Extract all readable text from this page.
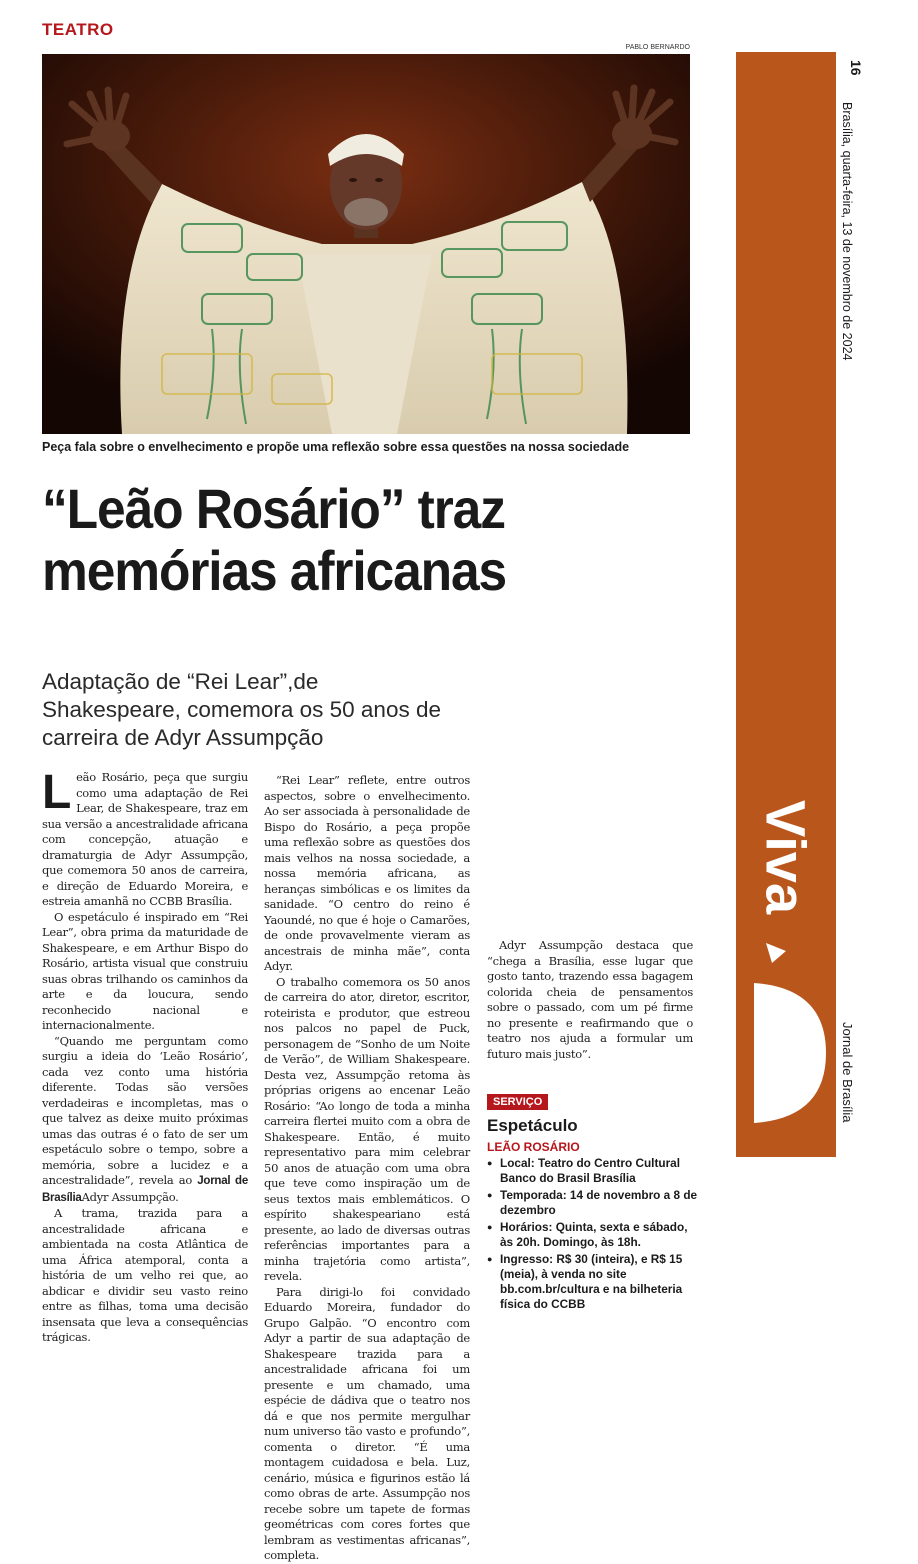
TEATRO
PABLO BERNARDO
Peça fala sobre o envelhecimento e propõe uma reflexão sobre essa questões na nossa sociedade
“Leão Rosário” traz
memórias africanas
Adaptação de “Rei Lear”,de Shakespeare, comemora os 50 anos de carreira de Adyr Assumpção

Leão Rosário, peça que surgiu como uma adaptação de Rei Lear, de Shakespeare, traz em sua versão a ancestralidade africana com concepção, atuação e dramaturgia de Adyr Assumpção, que comemora 50 anos de carreira, e direção de Eduardo Moreira, e estreia amanhã no CCBB Brasília.

O espetáculo é inspirado em “Rei Lear”, obra prima da maturidade de Shakespeare, e em Arthur Bispo do Rosário, artista visual que construiu suas obras trilhando os caminhos da arte e da loucura, sendo reconhecido nacional e internacionalmente.

“Quando me perguntam como surgiu a ideia do ‘Leão Rosário’, cada vez conto uma história diferente. Todas são versões verdadeiras e incompletas, mas o que talvez as deixe muito próximas umas das outras é o fato de ser um espetáculo sobre o tempo, sobre a memória, sobre a lucidez e a ancestralidade”, revela ao Jornal de BrasíliaAdyr Assumpção.

A trama, trazida para a ancestralidade africana e ambientada na costa Atlântica de uma África atemporal, conta a história de um velho rei que, ao abdicar e dividir seu vasto reino entre as filhas, toma uma decisão insensata que leva a consequências trágicas.

“Rei Lear” reflete, entre outros aspectos, sobre o envelhecimento. Ao ser associada à personalidade de Bispo do Rosário, a peça propõe uma reflexão sobre as questões dos mais velhos na nossa sociedade, a nossa memória africana, as heranças simbólicas e os limites da sanidade. “O centro do reino é Yaoundé, no que é hoje o Camarões, de onde provavelmente vieram as ancestrais de minha mãe”, conta Adyr.

O trabalho comemora os 50 anos de carreira do ator, diretor, escritor, roteirista e produtor, que estreou nos palcos no papel de Puck, personagem de “Sonho de um Noite de Verão”, de William Shakespeare. Desta vez, Assumpção retoma às próprias origens ao encenar Leão Rosário: “Ao longo de toda a minha carreira flertei muito com a obra de Shakespeare. Então, é muito representativo para mim celebrar 50 anos de atuação com uma obra que teve como inspiração um de seus textos mais emblemáticos. O espírito shakespeariano está presente, ao lado de diversas outras referências importantes para a minha trajetória como artista”, revela.

Para dirigi-lo foi convidado Eduardo Moreira, fundador do Grupo Galpão. “O encontro com Adyr a partir de sua adaptação de Shakespeare trazida para a ancestralidade africana foi um presente e um chamado, uma espécie de dádiva que o teatro nos dá e que nos permite mergulhar num universo tão vasto e profundo”, comenta o diretor. “É uma montagem cuidadosa e bela. Luz, cenário, música e figurinos estão lá como obras de arte. Assumpção nos recebe sobre um tapete de formas geométricas com cores fortes que lembram as vestimentas africanas”, completa.

Adyr Assumpção destaca que “chega a Brasília, esse lugar que gosto tanto, trazendo essa bagagem colorida cheia de pensamentos sobre o passado, com um pé firme no presente e reafirmando que o teatro nos ajuda a formular um futuro mais justo”.

SERVIÇO
Espetáculo
LEÃO ROSÁRIO
● Local: Teatro do Centro Cultural Banco do Brasil Brasília
● Temporada: 14 de novembro a 8 de dezembro
● Horários: Quinta, sexta e sábado, às 20h. Domingo, às 18h.
● Ingresso: R$ 30 (inteira), e R$ 15 (meia), à venda no site bb.com.br/cultura e na bilheteria física do CCBB
Viva
16
Brasília, quarta-feira, 13 de novembro de 2024
Jornal de Brasília
